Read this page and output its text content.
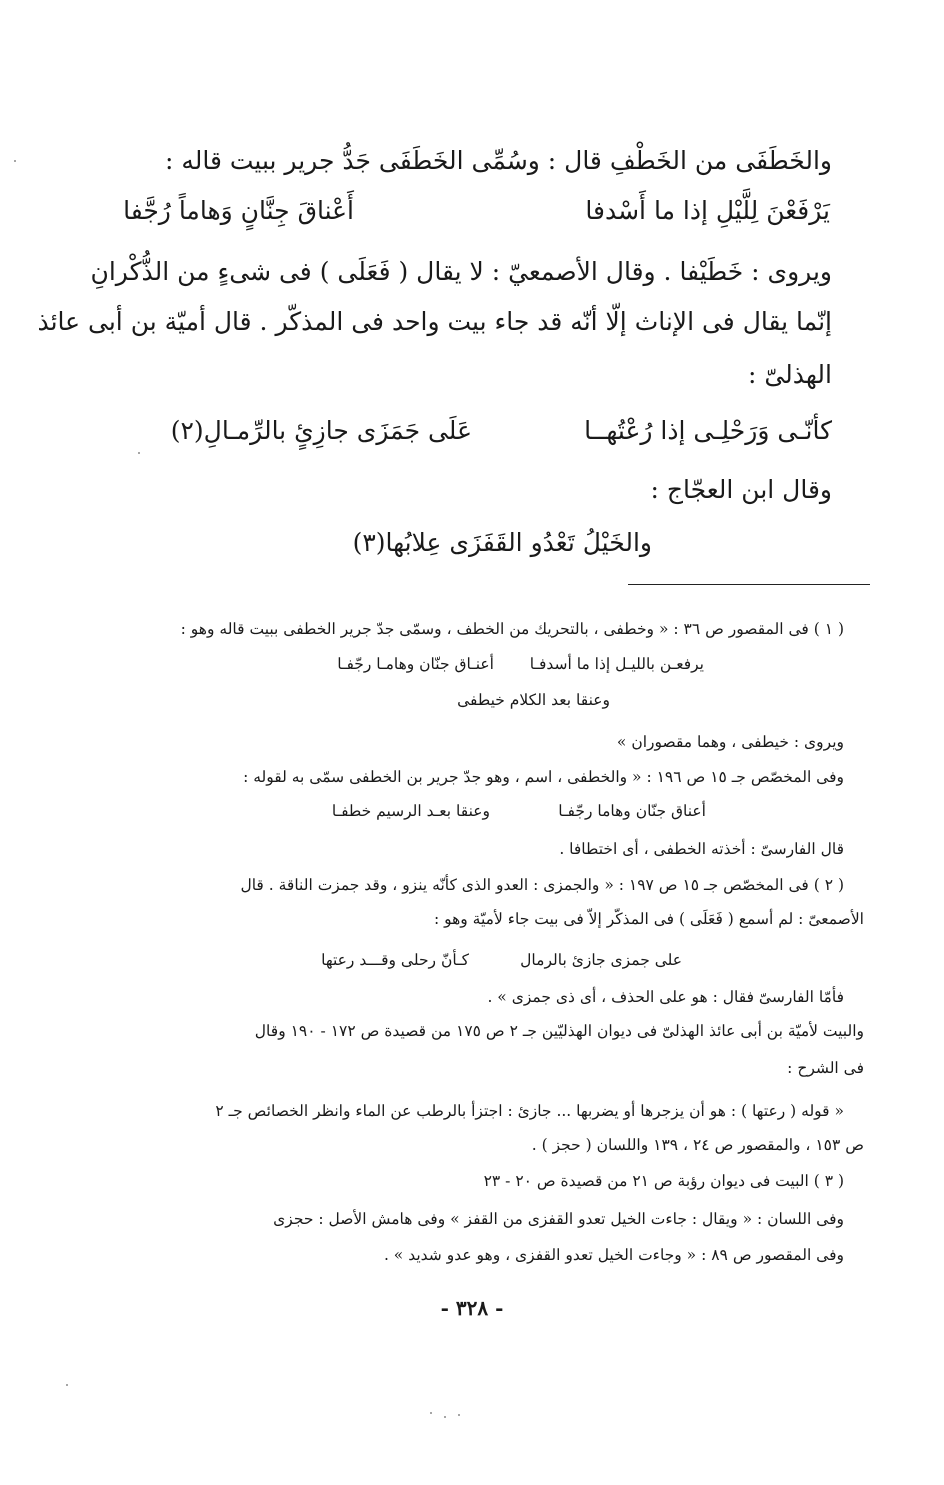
والخَطَفَى من الخَطْفِ قال : وسُمِّى الخَطَفَى جَدُّ جرير ببيت قاله :
يَرْفَعْنَ لِلَّيْلِ إذا ما أَسْدفا
أَعْناقَ جِنَّانٍ وَهاماً رُجَّفا
ويروى : خَطَيْفا . وقال الأصمعيّ : لا يقال ( فَعَلَى ) فى شىءٍ من الذُّكْرانِ
إنّما يقال فى الإناث إلّا أنّه قد جاء بيت واحد فى المذكّر . قال أميّة بن أبى عائذ
الهذلىّ :
كأنّـى وَرَحْلِـى إذا رُعْتُهــا
عَلَى جَمَزَى جازِئٍ بالرِّمـالِ(٢)
وقال ابن العجّاج :
والخَيْلُ تَعْدُو القَفَزَى عِلابُها(٣)
( ١ ) فى المقصور ص ٣٦ : « وخطفى ، بالتحريك من الخطف ، وسمّى جدّ جرير الخطفى ببيت قاله وهو :
يرفعـن بالليـل إذا ما أسدفـا
أعنـاق جنّان وهامـا رجّفـا
وعنقا بعد الكلام خيطفى
ويروى : خيطفى ، وهما مقصوران »
وفى المخصّص جـ ١٥ ص ١٩٦ : « والخطفى ، اسم ، وهو جدّ جرير بن الخطفى سمّى به لقوله :
أعناق جنّان وهاما رجّفـا
وعنقا بعـد الرسيم خطفـا
قال الفارسىّ : أخذته الخطفى ، أى اختطافا .
( ٢ ) فى المخصّص جـ ١٥ ص ١٩٧ : « والجمزى : العدو الذى كأنّه ينزو ، وقد جمزت الناقة . قال
الأصمعىّ : لم أسمع ( فَعَلَى ) فى المذكّر إلاّ فى بيت جاء لأميّة وهو :
كـأنّ رحلى وقـــد رعتها	على جمزى جازئ بالرمال
فأمّا الفارسىّ فقال : هو على الحذف ، أى ذى جمزى » .
والبيت لأميّة بن أبى عائذ الهذلىّ فى ديوان الهذليّين جـ ٢ ص ١٧٥ من قصيدة ص ١٧٢ - ١٩٠ وقال
فى الشرح :
« قوله ( رعتها ) : هو أن يزجرها أو يضربها ... جازئ : اجتزأ بالرطب عن الماء وانظر الخصائص جـ ٢
ص ١٥٣ ، والمقصور ص ٢٤ ، ١٣٩ واللسان ( حجز ) .
( ٣ ) البيت فى ديوان رؤبة ص ٢١ من قصيدة ص ٢٠ - ٢٣
وفى اللسان : « ويقال : جاءت الخيل تعدو القفزى من القفز » وفى هامش الأصل : حجزى
وفى المقصور ص ٨٩ : « وجاءت الخيل تعدو القفزى ، وهو عدو شديد » .
- ٣٢٨ -
